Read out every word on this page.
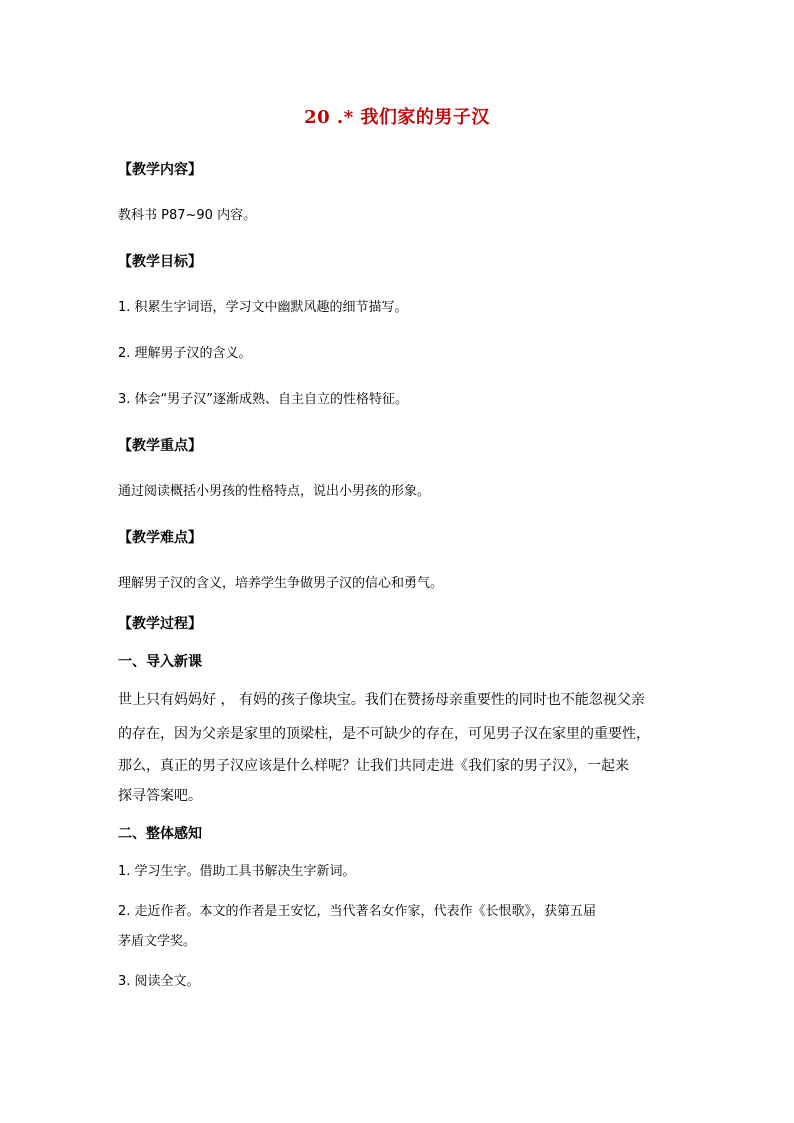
20 .* 我们家的男子汉
【教学内容】
教科书 P87~90 内容。
【教学目标】
1. 积累生字词语，学习文中幽默风趣的细节描写。
2. 理解男子汉的含义。
3. 体会“男子汉”逐渐成熟、自主自立的性格特征。
【教学重点】
通过阅读概括小男孩的性格特点，说出小男孩的形象。
【教学难点】
理解男子汉的含义，培养学生争做男子汉的信心和勇气。
【教学过程】
一、导入新课
世上只有妈妈好 ， 有妈的孩子像块宝。我们在赞扬母亲重要性的同时也不能忽视父亲
的存在，因为父亲是家里的顶梁柱，是不可缺少的存在，可见男子汉在家里的重要性，
那么，真正的男子汉应该是什么样呢？让我们共同走进《我们家的男子汉》，一起来
探寻答案吧。
二、整体感知
1. 学习生字。借助工具书解决生字新词。
2. 走近作者。本文的作者是王安忆，当代著名女作家，代表作《长恨歌》，获第五届
茅盾文学奖。
3. 阅读全文。
